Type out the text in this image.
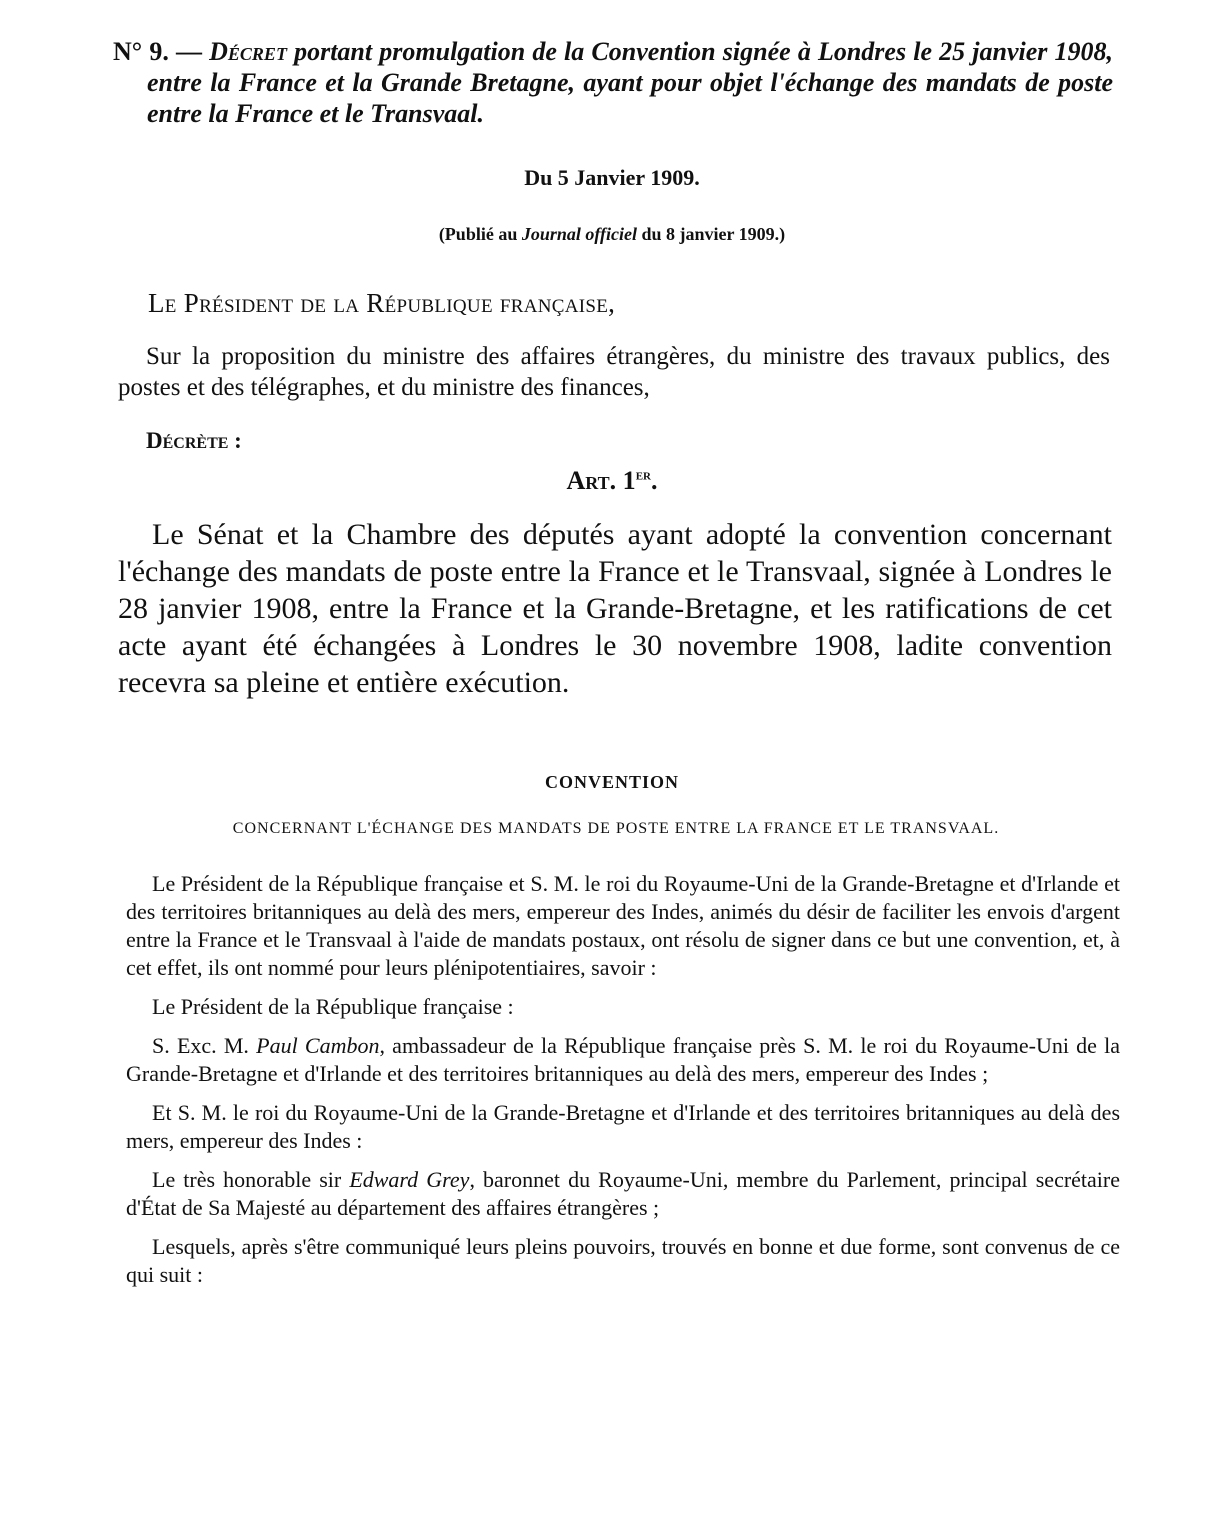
N° 9. — Décret portant promulgation de la Convention signée à Londres le 25 janvier 1908, entre la France et la Grande Bretagne, ayant pour objet l'échange des mandats de poste entre la France et le Transvaal.

Du 5 Janvier 1909.
(Publié au Journal officiel du 8 janvier 1909.)
Le Président de la République française,

Sur la proposition du ministre des affaires étrangères, du ministre des travaux publics, des postes et des télégraphes, et du ministre des finances,

Décrète :
Art. 1er.

Le Sénat et la Chambre des députés ayant adopté la convention concernant l'échange des mandats de poste entre la France et le Transvaal, signée à Londres le 28 janvier 1908, entre la France et la Grande-Bretagne, et les ratifications de cet acte ayant été échangées à Londres le 30 novembre 1908, ladite convention recevra sa pleine et entière exécution.

CONVENTION
CONCERNANT L'ÉCHANGE DES MANDATS DE POSTE ENTRE LA FRANCE ET LE TRANSVAAL.

Le Président de la République française et S. M. le roi du Royaume-Uni de la Grande-Bretagne et d'Irlande et des territoires britanniques au delà des mers, empereur des Indes, animés du désir de faciliter les envois d'argent entre la France et le Transvaal à l'aide de mandats postaux, ont résolu de signer dans ce but une convention, et, à cet effet, ils ont nommé pour leurs plénipotentiaires, savoir :

Le Président de la République française :

S. Exc. M. Paul Cambon, ambassadeur de la République française près S. M. le roi du Royaume-Uni de la Grande-Bretagne et d'Irlande et des territoires britanniques au delà des mers, empereur des Indes ;

Et S. M. le roi du Royaume-Uni de la Grande-Bretagne et d'Irlande et des territoires britanniques au delà des mers, empereur des Indes :

Le très honorable sir Edward Grey, baronnet du Royaume-Uni, membre du Parlement, principal secrétaire d'État de Sa Majesté au département des affaires étrangères ;

Lesquels, après s'être communiqué leurs pleins pouvoirs, trouvés en bonne et due forme, sont convenus de ce qui suit :
